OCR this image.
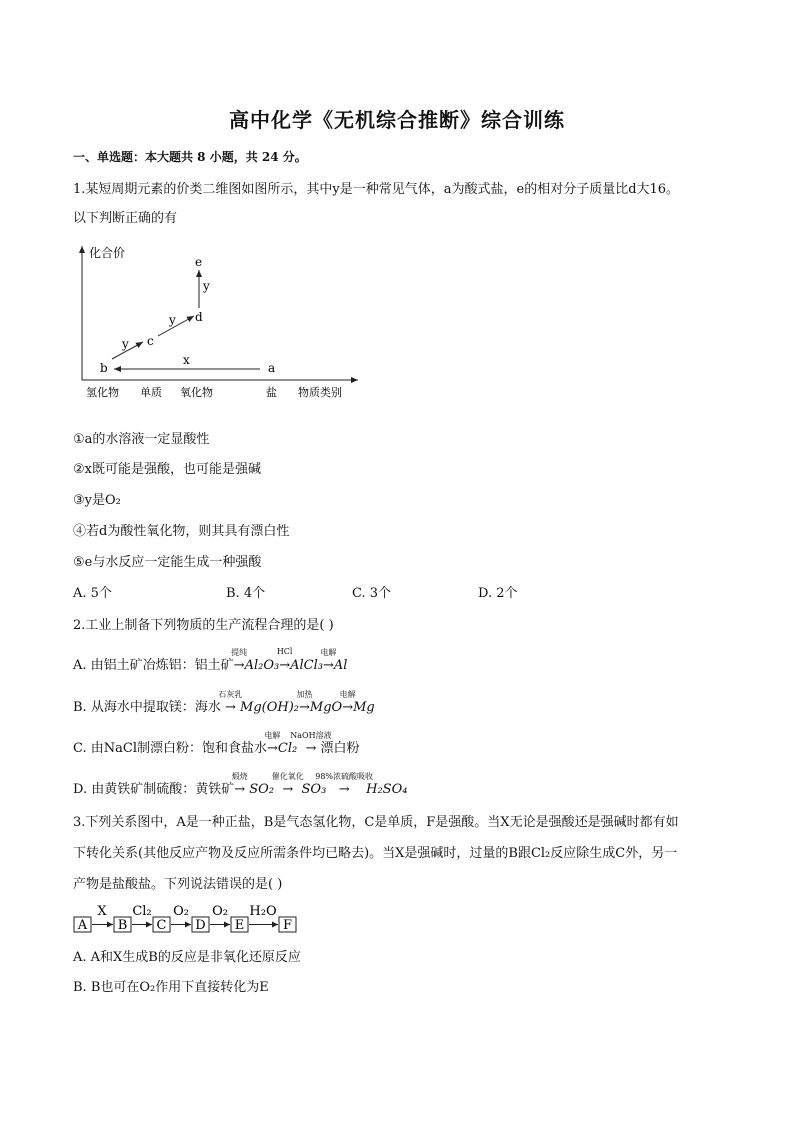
高中化学《无机综合推断》综合训练
一、单选题：本大题共 8 小题，共 24 分。
1.某短周期元素的价类二维图如图所示，其中y是一种常见气体，a为酸式盐，e的相对分子质量比d大16。
以下判断正确的有
化合价
氢化物 单质 氧化物	盐 物质类别
b	a
c
d
e
x
y
y
y
①a的水溶液一定显酸性
②x既可能是强酸，也可能是强碱
③y是O₂
④若d为酸性氧化物，则其具有漂白性
⑤e与水反应一定能生成一种强酸
A. 5个	B. 4个	C. 3个	D. 2个
2.工业上制备下列物质的生产流程合理的是( )
A. 由铝土矿冶炼铝：铝土矿
提纯
→Al₂O₃
HCl
→AlCl₃
电解
→Al
B. 从海水中提取镁：海水
石灰乳
→ Mg(OH)₂
加热
→MgO
电解
→Mg
C. 由NaCl制漂白粉：饱和食盐水
电解
→Cl₂
NaOH溶液
→ 漂白粉
D. 由黄铁矿制硫酸：黄铁矿
煅烧
→ SO₂
催化氧化
→ SO₃
98%浓硫酸吸收
→ H₂SO₄
3.下列关系图中，A是一种正盐，B是气态氢化物，C是单质，F是强酸。当X无论是强酸还是强碱时都有如
下转化关系(其他反应产物及反应所需条件均已略去)。当X是强碱时，过量的B跟Cl₂反应除生成C外，另一
产物是盐酸盐。下列说法错误的是( )
A
X
B
Cl₂
C
O₂
D
O₂
E
H₂O
F
A. A和X生成B的反应是非氧化还原反应
B. B也可在O₂作用下直接转化为E
